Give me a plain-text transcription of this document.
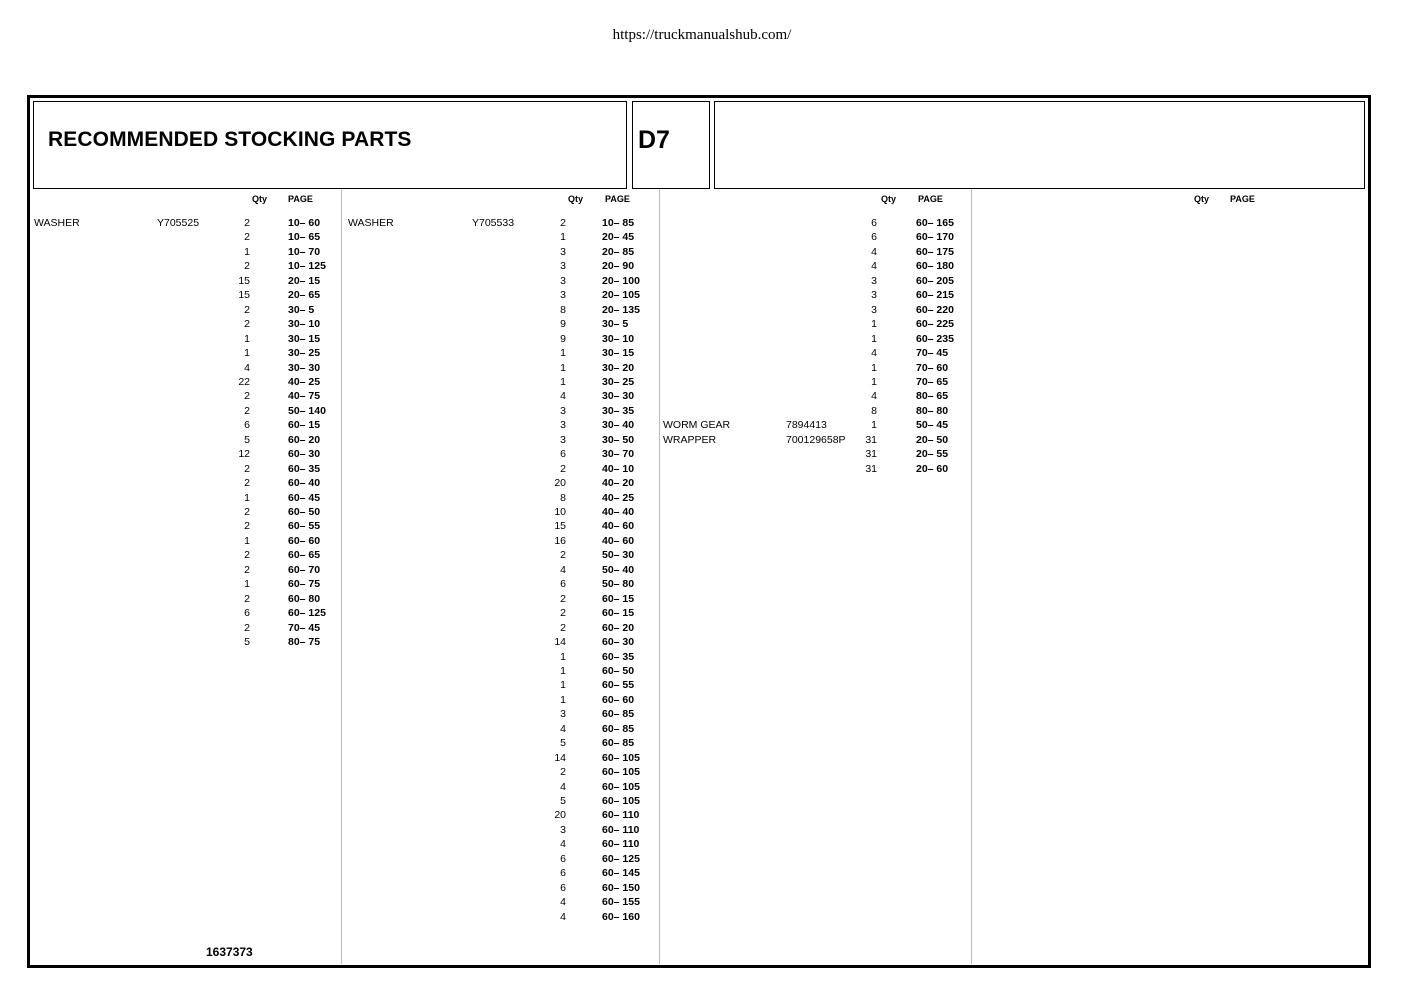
https://truckmanualshub.com/
RECOMMENDED STOCKING PARTS	D7
Qty PAGE
WASHER	Y705525	2	10– 60
2	10– 65
1	10– 70
2	10– 125
15	20– 15
15	20– 65
2	30– 5
2	30– 10
1	30– 15
1	30– 25
4	30– 30
22	40– 25
2	40– 75
2	50– 140
6	60– 15
5	60– 20
12	60– 30
2	60– 35
2	60– 40
1	60– 45
2	60– 50
2	60– 55
1	60– 60
2	60– 65
2	60– 70
1	60– 75
2	60– 80
6	60– 125
2	70– 45
5	80– 75
Qty PAGE
WASHER	Y705533	2	10– 85
1	20– 45
3	20– 85
3	20– 90
3	20– 100
3	20– 105
8	20– 135
9	30– 5
9	30– 10
1	30– 15
1	30– 20
1	30– 25
4	30– 30
3	30– 35
3	30– 40
3	30– 50
6	30– 70
2	40– 10
20	40– 20
8	40– 25
10	40– 40
15	40– 60
16	40– 60
2	50– 30
4	50– 40
6	50– 80
2	60– 15
2	60– 15
2	60– 20
14	60– 30
1	60– 35
1	60– 50
1	60– 55
1	60– 60
3	60– 85
4	60– 85
5	60– 85
14	60– 105
2	60– 105
4	60– 105
5	60– 105
20	60– 110
3	60– 110
4	60– 110
6	60– 125
6	60– 145
6	60– 150
4	60– 155
4	60– 160
Qty PAGE
6	60– 165
6	60– 170
4	60– 175
4	60– 180
3	60– 205
3	60– 215
3	60– 220
1	60– 225
1	60– 235
4	70– 45
1	70– 60
1	70– 65
4	80– 65
8	80– 80
WORM GEAR	7894413	1	50– 45
WRAPPER	700129658P	31	20– 50
31	20– 55
31	20– 60
Qty PAGE
1637373
